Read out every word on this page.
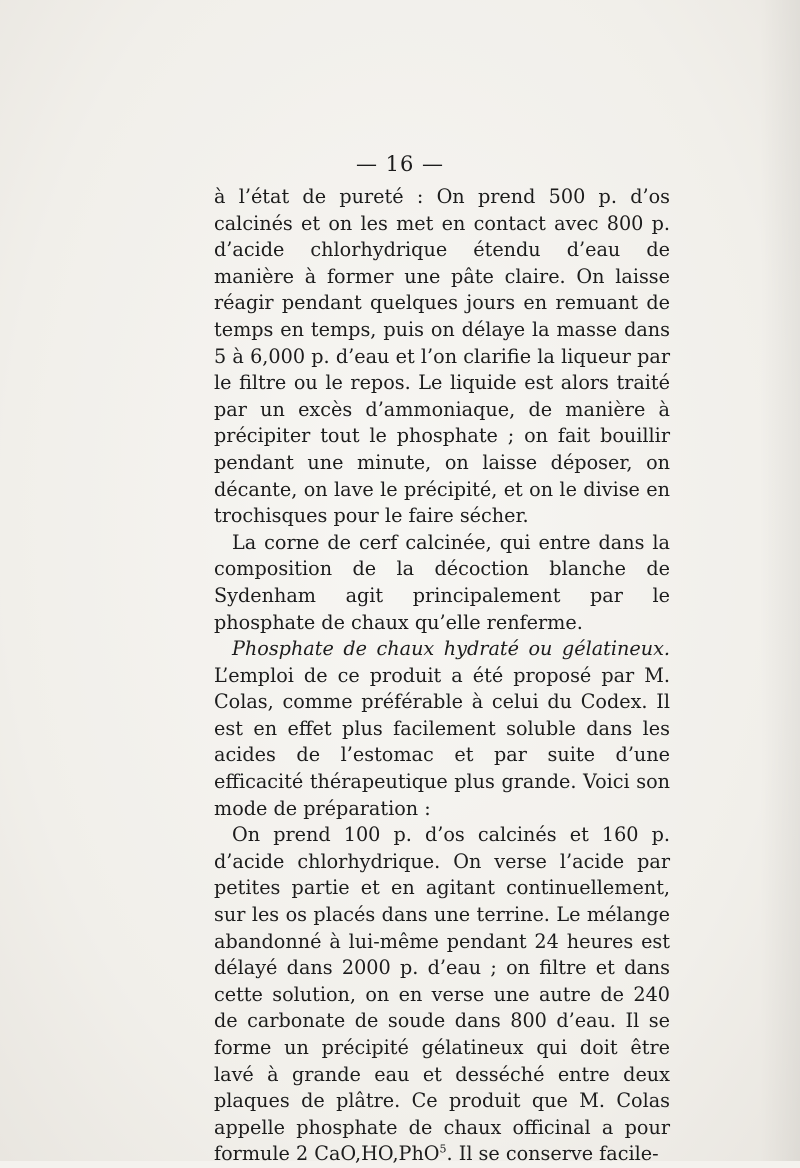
— 16 —

à l’état de pureté : On prend 500 p. d’os calcinés et on les met en contact avec 800 p. d’acide chlorhydrique étendu d’eau de manière à former une pâte claire. On laisse réagir pendant quelques jours en remuant de temps en temps, puis on délaye la masse dans 5 à 6,000 p. d’eau et l’on clarifie la liqueur par le filtre ou le repos. Le liquide est alors traité par un excès d’ammoniaque, de manière à précipiter tout le phosphate ; on fait bouillir pendant une minute, on laisse déposer, on décante, on lave le précipité, et on le divise en trochisques pour le faire sécher.

La corne de cerf calcinée, qui entre dans la composition de la décoction blanche de Sydenham agit principalement par le phosphate de chaux qu’elle renferme.

Phosphate de chaux hydraté ou gélatineux. L’emploi de ce produit a été proposé par M. Colas, comme préférable à celui du Codex. Il est en effet plus facilement soluble dans les acides de l’estomac et par suite d’une efficacité thérapeutique plus grande. Voici son mode de préparation :

On prend 100 p. d’os calcinés et 160 p. d’acide chlorhydrique. On verse l’acide par petites partie et en agitant continuellement, sur les os placés dans une terrine. Le mélange abandonné à lui-même pendant 24 heures est délayé dans 2000 p. d’eau ; on filtre et dans cette solution, on en verse une autre de 240 de carbonate de soude dans 800 d’eau. Il se forme un précipité gélatineux qui doit être lavé à grande eau et desséché entre deux plaques de plâtre. Ce produit que M. Colas appelle phosphate de chaux officinal a pour formule 2 CaO,HO,PhO$^5$. Il se conserve facile-
